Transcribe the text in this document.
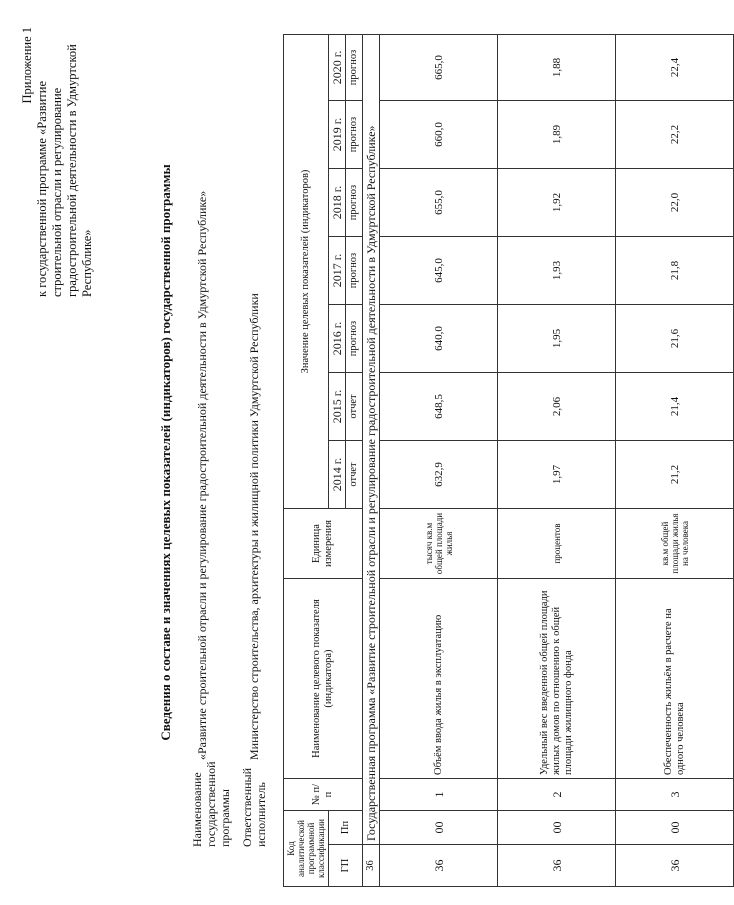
Приложение 1
к государственной программе «Развитие строительной отрасли и регулирование градостроительной деятельности в Удмуртской Республике»	Сведения о составе и значениях целевых показателей (индикаторов) государственной программы
Наименование государственной программы
«Развитие строительной отрасли и регулирование градостроительной деятельности в Удмуртской Республике»
Ответственный исполнитель
Министерство строительства, архитектуры и жилищной политики Удмуртской Республики
Код аналитической программной классификации		№ п/п	Наименование целевого показателя (индикатора)	Единица измерения	Значение целевых показателей (индикаторов)						
ГП	Пп				2014 г.	2015 г.	2016 г.	2017 г.	2018 г.	2019 г.	2020 г.
					отчет	отчет	прогноз	прогноз	прогноз	прогноз	прогноз
36	Государственная программа «Развитие строительной отрасли и регулирование градостроительной деятельности в Удмуртской Республике»										
36	00	1	Объём ввода жилья в эксплуатацию	тысяч кв.м общей площади жилья	632,9	648,5	640,0	645,0	655,0	660,0	665,0
36	00	2	Удельный вес введенной общей площади жилых домов по отношению к общей площади жилищного фонда	процентов	1,97	2,06	1,95	1,93	1,92	1,89	1,88
36	00	3	Обеспеченность жильём в расчете на одного человека	кв.м общей площади жилья на человека	21,2	21,4	21,6	21,8	22,0	22,2	22,4
